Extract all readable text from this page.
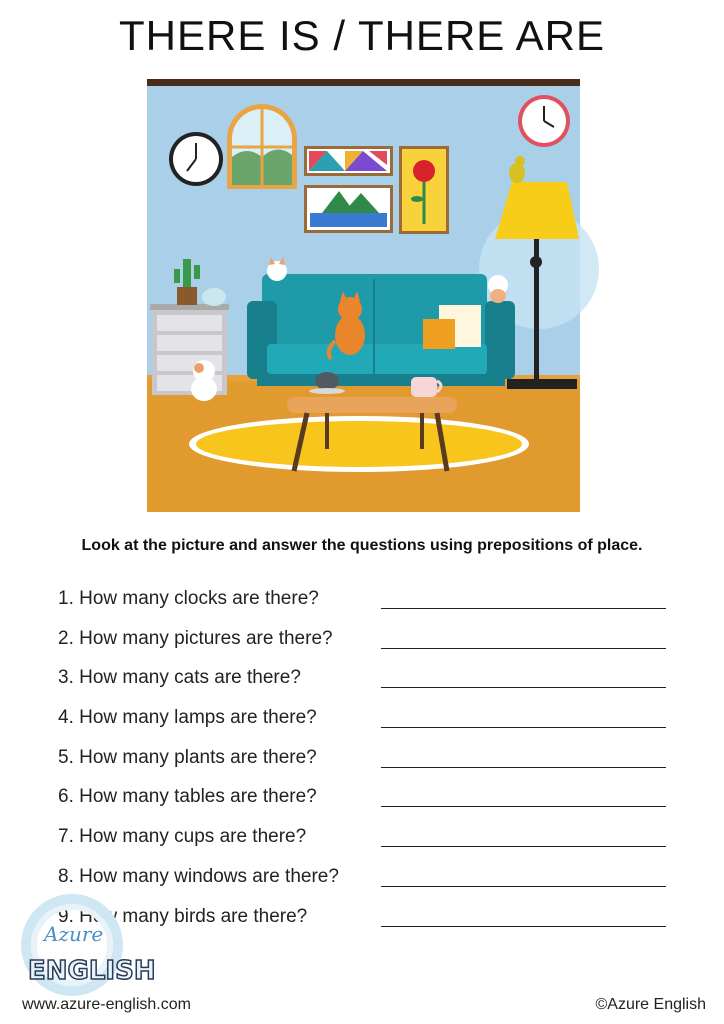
THERE IS / THERE ARE
Look at the picture and answer the questions using prepositions of place.
1. How many clocks are there?
2. How many pictures are there?
3. How many cats are there?
4. How many lamps are there?
5. How many plants are there?
6. How many tables are there?
7. How many cups are there?
8. How many windows are there?
9. How many birds are there?
Azure
ENGLISH
www.azure-english.com	©Azure English
